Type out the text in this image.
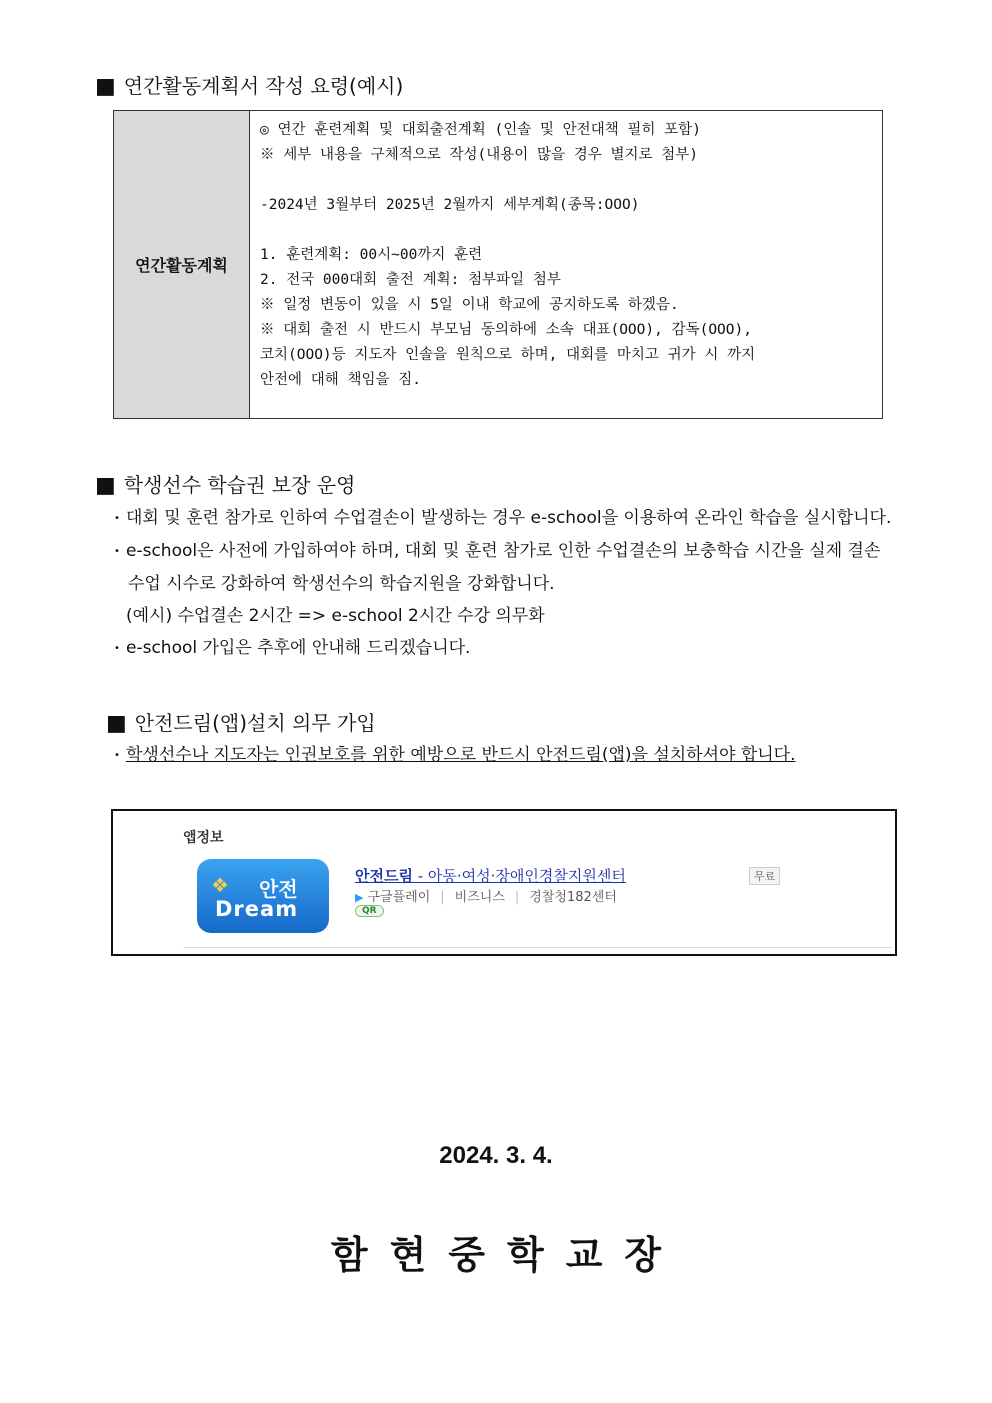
■ 연간활동계획서 작성 요령(예시)
연간활동계획
◎ 연간 훈련계획 및 대회출전계획 (인솔 및 안전대책 필히 포함)
※ 세부 내용을 구체적으로 작성(내용이 많을 경우 별지로 첨부)
-2024년 3월부터 2025년 2월까지 세부계획(종목:OOO)
1. 훈련계획: 00시~00까지 훈련
2. 전국 000대회 출전 계획: 첨부파일 첨부
※ 일정 변동이 있을 시 5일 이내 학교에 공지하도록 하겠음.
※ 대회 출전 시 반드시 부모님 동의하에 소속 대표(OOO), 감독(OOO),
코치(OOO)등 지도자 인솔을 원칙으로 하며, 대회를 마치고 귀가 시 까지
안전에 대해 책임을 짐.
■ 학생선수 학습권 보장 운영
• 대회 및 훈련 참가로 인하여 수업결손이 발생하는 경우 e-school을 이용하여 온라인 학습을 실시합니다.
• e-school은 사전에 가입하여야 하며, 대회 및 훈련 참가로 인한 수업결손의 보충학습 시간을 실제 결손
수업 시수로 강화하여 학생선수의 학습지원을 강화합니다.
(예시) 수업결손 2시간 => e-school 2시간 수강 의무화
• e-school 가입은 추후에 안내해 드리겠습니다.
■ 안전드림(앱)설치 의무 가입
• 학생선수나 지도자는 인권보호를 위한 예방으로 반드시 안전드림(앱)을 설치하셔야 합니다.
앱정보
❖ 안전
Dream
안전드림 - 아동·여성·장애인경찰지원센터	무료
▶ 구글플레이 | 비즈니스 | 경찰청182센터
QR
2024. 3. 4.
함현중학교장
